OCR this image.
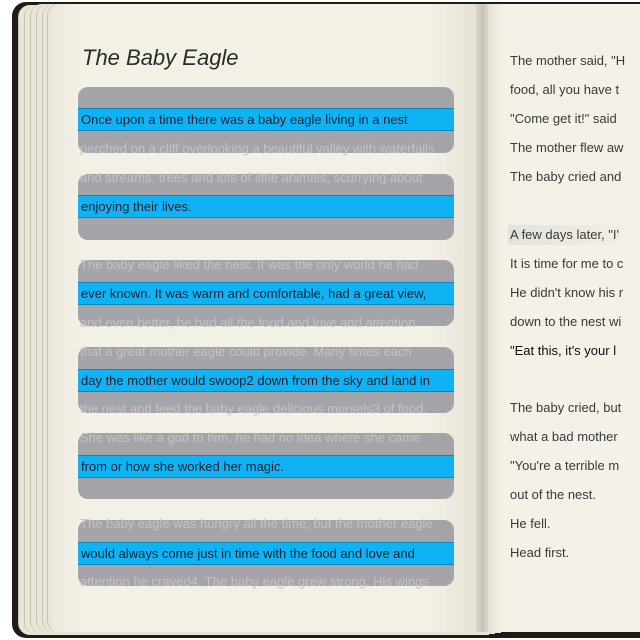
The Baby Eagle
Once upon a time there was a baby eagle living in a nest
perched on a cliff overlooking a beautiful valley with waterfalls
and streams, trees and lots of little animals, scurrying about
enjoying their lives.
The baby eagle liked the nest. It was the only world he had
ever known. It was warm and comfortable, had a great view,
and even better, he had all the food and love and attention
that a great mother eagle could provide. Many times each
day the mother would swoop2 down from the sky and land in
the nest and feed the baby eagle delicious morsels3 of food.
She was like a god to him, he had no idea where she came
from or how she worked her magic.
The baby eagle was hungry all the time, but the mother eagle
would always come just in time with the food and love and
attention he craved4. The baby eagle grew strong. His wings
The mother said, "H
food, all you have t
"Come get it!" said
The mother flew aw
The baby cried and
A few days later, "I'
It is time for me to c
He didn't know his r
down to the nest wi
"Eat this, it's your l
The baby cried, but
what a bad mother
"You're a terrible m
out of the nest.
He fell.
Head first.
